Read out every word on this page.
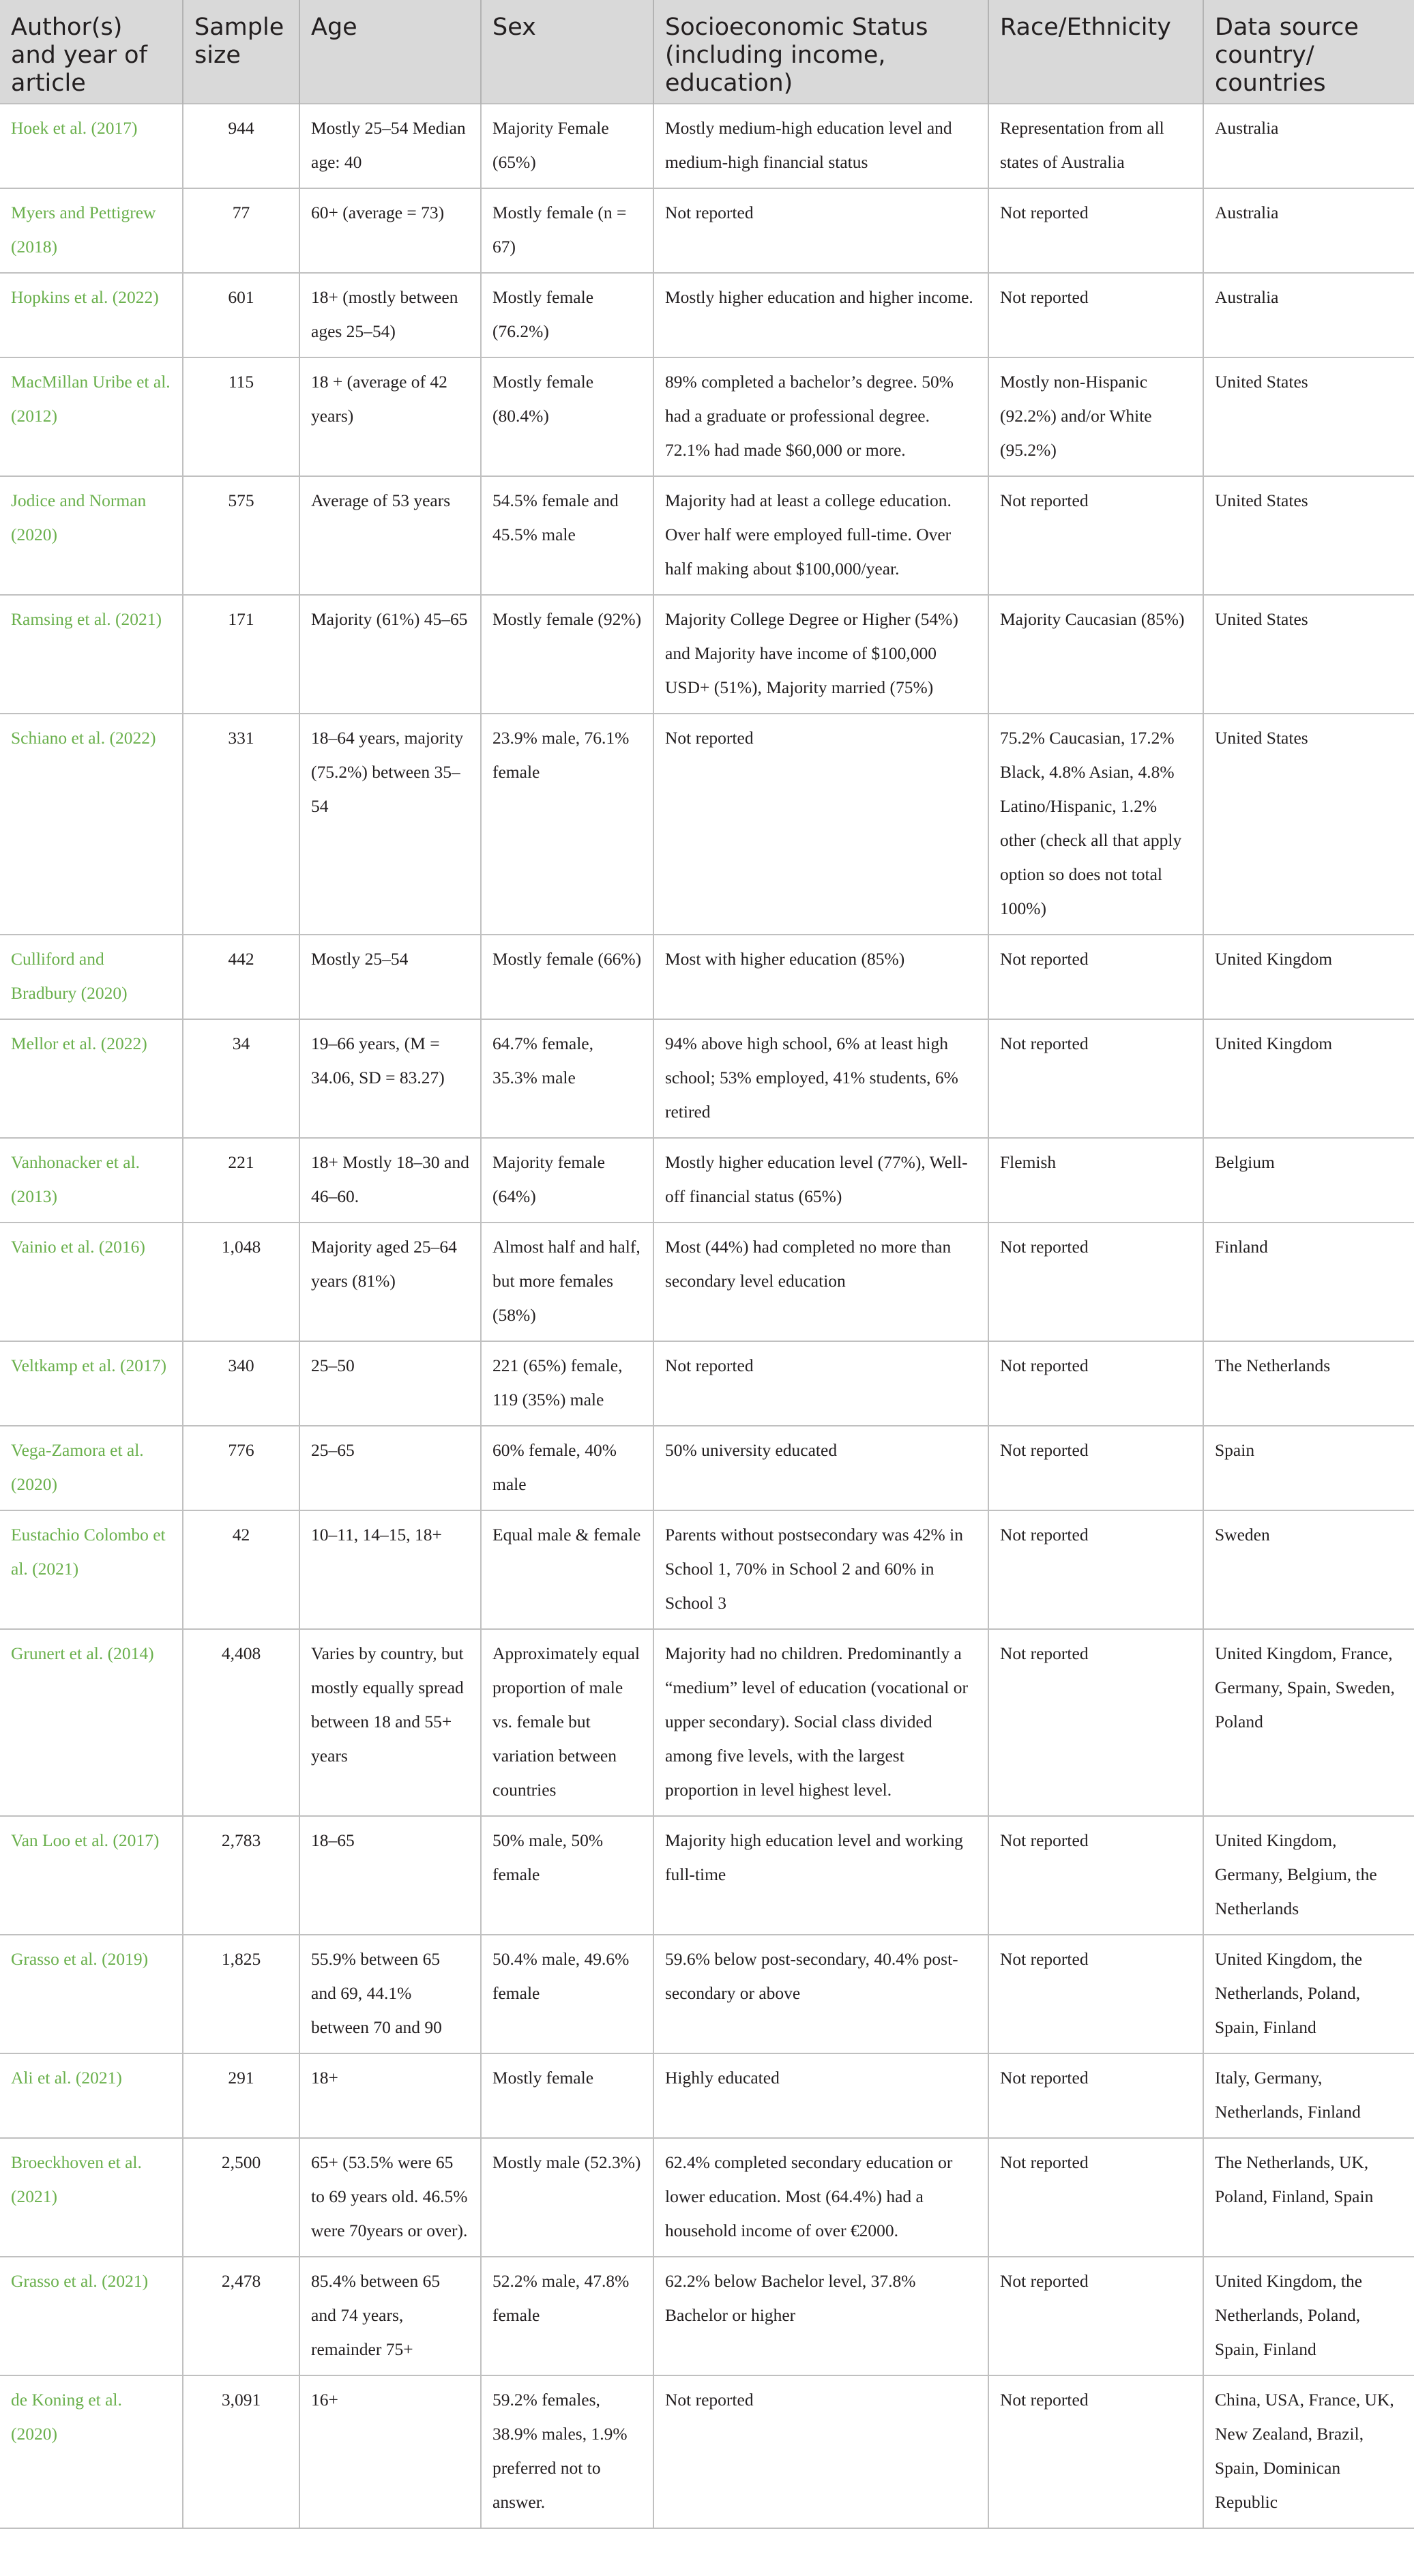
Author(s) and year of article	Sample size	Age	Sex	Socioeconomic Status (including income, education)	Race/Ethnicity	Data source country/ countries
Hoek et al. (2017)	944	Mostly 25–54 Median age: 40	Majority Female (65%)	Mostly medium-high education level and medium-high financial status	Representation from all states of Australia	Australia
Myers and Pettigrew (2018)	77	60+ (average = 73)	Mostly female (n = 67)	Not reported	Not reported	Australia
Hopkins et al. (2022)	601	18+ (mostly between ages 25–54)	Mostly female (76.2%)	Mostly higher education and higher income.	Not reported	Australia
MacMillan Uribe et al. (2012)	115	18 + (average of 42 years)	Mostly female (80.4%)	89% completed a bachelor’s degree. 50% had a graduate or professional degree. 72.1% had made $60,000 or more.	Mostly non-Hispanic (92.2%) and/or White (95.2%)	United States
Jodice and Norman (2020)	575	Average of 53 years	54.5% female and 45.5% male	Majority had at least a college education. Over half were employed full-time. Over half making about $100,000/year.	Not reported	United States
Ramsing et al. (2021)	171	Majority (61%) 45–65	Mostly female (92%)	Majority College Degree or Higher (54%) and Majority have income of $100,000 USD+ (51%), Majority married (75%)	Majority Caucasian (85%)	United States
Schiano et al. (2022)	331	18–64 years, majority (75.2%) between 35–54	23.9% male, 76.1% female	Not reported	75.2% Caucasian, 17.2% Black, 4.8% Asian, 4.8% Latino/Hispanic, 1.2% other (check all that apply option so does not total 100%)	United States
Culliford and Bradbury (2020)	442	Mostly 25–54	Mostly female (66%)	Most with higher education (85%)	Not reported	United Kingdom
Mellor et al. (2022)	34	19–66 years, (M = 34.06, SD = 83.27)	64.7% female, 35.3% male	94% above high school, 6% at least high school; 53% employed, 41% students, 6% retired	Not reported	United Kingdom
Vanhonacker et al. (2013)	221	18+ Mostly 18–30 and 46–60.	Majority female (64%)	Mostly higher education level (77%), Well-off financial status (65%)	Flemish	Belgium
Vainio et al. (2016)	1,048	Majority aged 25–64 years (81%)	Almost half and half, but more females (58%)	Most (44%) had completed no more than secondary level education	Not reported	Finland
Veltkamp et al. (2017)	340	25–50	221 (65%) female, 119 (35%) male	Not reported	Not reported	The Netherlands
Vega-Zamora et al. (2020)	776	25–65	60% female, 40% male	50% university educated	Not reported	Spain
Eustachio Colombo et al. (2021)	42	10–11, 14–15, 18+	Equal male & female	Parents without postsecondary was 42% in School 1, 70% in School 2 and 60% in School 3	Not reported	Sweden
Grunert et al. (2014)	4,408	Varies by country, but mostly equally spread between 18 and 55+ years	Approximately equal proportion of male vs. female but variation between countries	Majority had no children. Predominantly a “medium” level of education (vocational or upper secondary). Social class divided among five levels, with the largest proportion in level highest level.	Not reported	United Kingdom, France, Germany, Spain, Sweden, Poland
Van Loo et al. (2017)	2,783	18–65	50% male, 50% female	Majority high education level and working full-time	Not reported	United Kingdom, Germany, Belgium, the Netherlands
Grasso et al. (2019)	1,825	55.9% between 65 and 69, 44.1% between 70 and 90	50.4% male, 49.6% female	59.6% below post-secondary, 40.4% post-secondary or above	Not reported	United Kingdom, the Netherlands, Poland, Spain, Finland
Ali et al. (2021)	291	18+	Mostly female	Highly educated	Not reported	Italy, Germany, Netherlands, Finland
Broeckhoven et al. (2021)	2,500	65+ (53.5% were 65 to 69 years old. 46.5% were 70years or over).	Mostly male (52.3%)	62.4% completed secondary education or lower education. Most (64.4%) had a household income of over €2000.	Not reported	The Netherlands, UK, Poland, Finland, Spain
Grasso et al. (2021)	2,478	85.4% between 65 and 74 years, remainder 75+	52.2% male, 47.8% female	62.2% below Bachelor level, 37.8% Bachelor or higher	Not reported	United Kingdom, the Netherlands, Poland, Spain, Finland
de Koning et al. (2020)	3,091	16+	59.2% females, 38.9% males, 1.9% preferred not to answer.	Not reported	Not reported	China, USA, France, UK, New Zealand, Brazil, Spain, Dominican Republic
